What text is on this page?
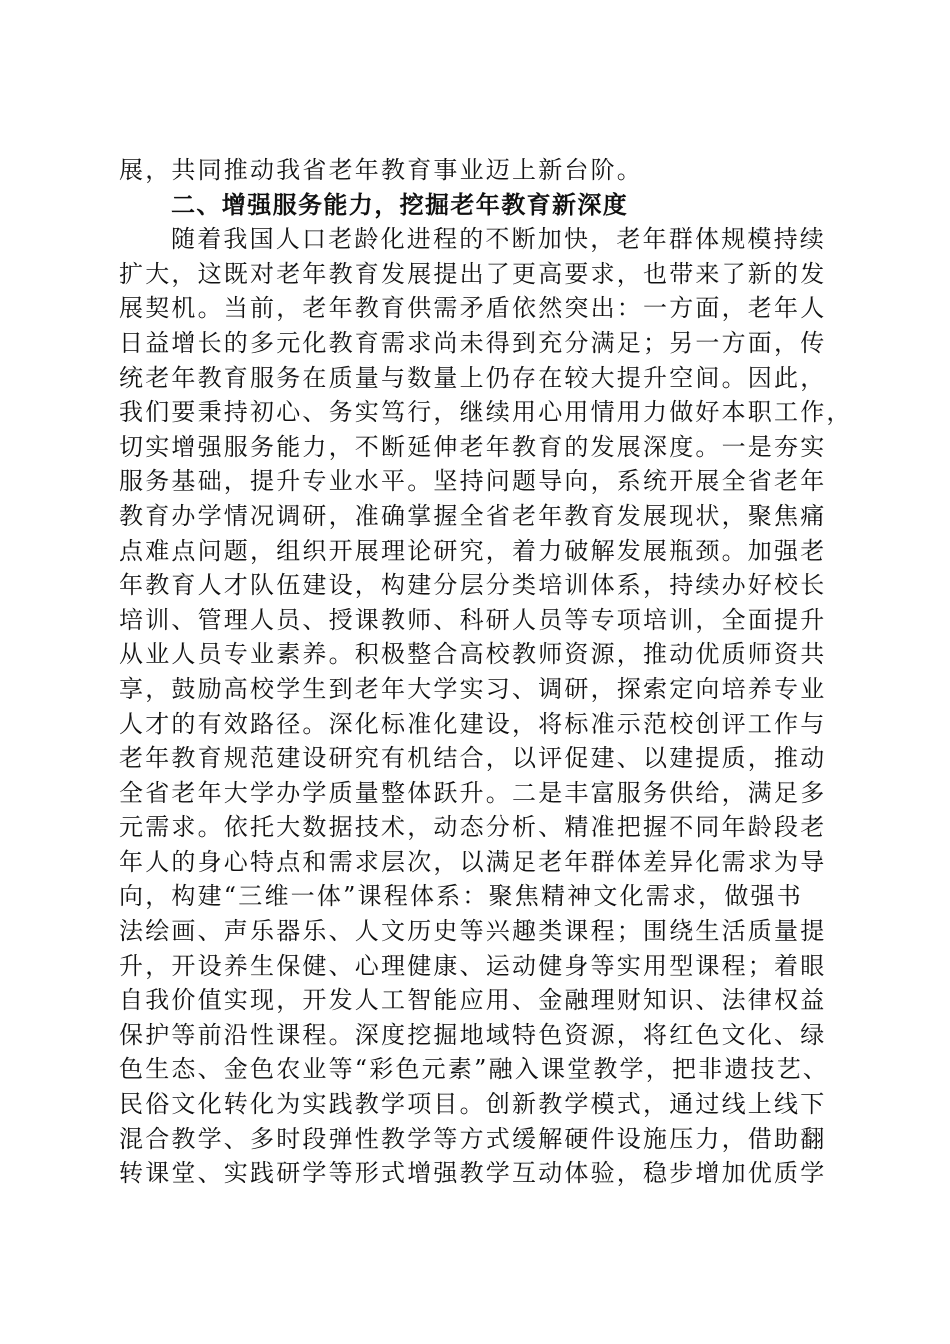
展，共同推动我省老年教育事业迈上新台阶。
二、增强服务能力，挖掘老年教育新深度
随着我国人口老龄化进程的不断加快，老年群体规模持续
扩大，这既对老年教育发展提出了更高要求，也带来了新的发
展契机。当前，老年教育供需矛盾依然突出：一方面，老年人
日益增长的多元化教育需求尚未得到充分满足；另一方面，传
统老年教育服务在质量与数量上仍存在较大提升空间。因此，
我们要秉持初心、务实笃行，继续用心用情用力做好本职工作，
切实增强服务能力，不断延伸老年教育的发展深度。一是夯实
服务基础，提升专业水平。坚持问题导向，系统开展全省老年
教育办学情况调研，准确掌握全省老年教育发展现状，聚焦痛
点难点问题，组织开展理论研究，着力破解发展瓶颈。加强老
年教育人才队伍建设，构建分层分类培训体系，持续办好校长
培训、管理人员、授课教师、科研人员等专项培训，全面提升
从业人员专业素养。积极整合高校教师资源，推动优质师资共
享，鼓励高校学生到老年大学实习、调研，探索定向培养专业
人才的有效路径。深化标准化建设，将标准示范校创评工作与
老年教育规范建设研究有机结合，以评促建、以建提质，推动
全省老年大学办学质量整体跃升。二是丰富服务供给，满足多
元需求。依托大数据技术，动态分析、精准把握不同年龄段老
年人的身心特点和需求层次，以满足老年群体差异化需求为导
向，构建“三维一体”课程体系：聚焦精神文化需求，做强书
法绘画、声乐器乐、人文历史等兴趣类课程；围绕生活质量提
升，开设养生保健、心理健康、运动健身等实用型课程；着眼
自我价值实现，开发人工智能应用、金融理财知识、法律权益
保护等前沿性课程。深度挖掘地域特色资源，将红色文化、绿
色生态、金色农业等“彩色元素”融入课堂教学，把非遗技艺、
民俗文化转化为实践教学项目。创新教学模式，通过线上线下
混合教学、多时段弹性教学等方式缓解硬件设施压力，借助翻
转课堂、实践研学等形式增强教学互动体验，稳步增加优质学
